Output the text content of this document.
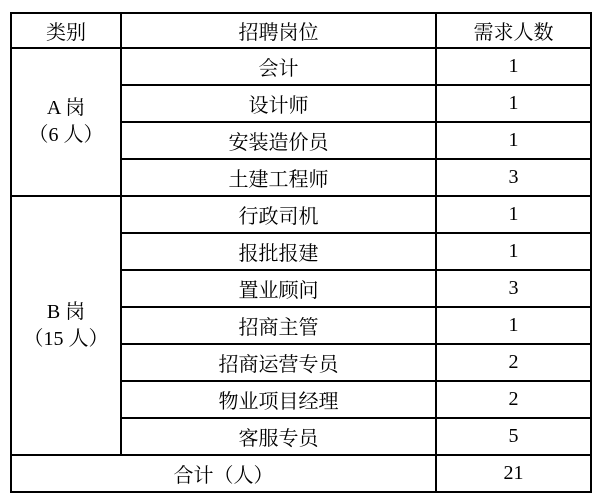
类别	招聘岗位	需求人数

A 岗
（6 人）	会计	1
	设计师	1
	安装造价员	1
	土建工程师	3

B 岗
（15 人）	行政司机	1
	报批报建	1
	置业顾问	3
	招商主管	1
	招商运营专员	2
	物业项目经理	2
	客服专员	5
合计（人）		21
